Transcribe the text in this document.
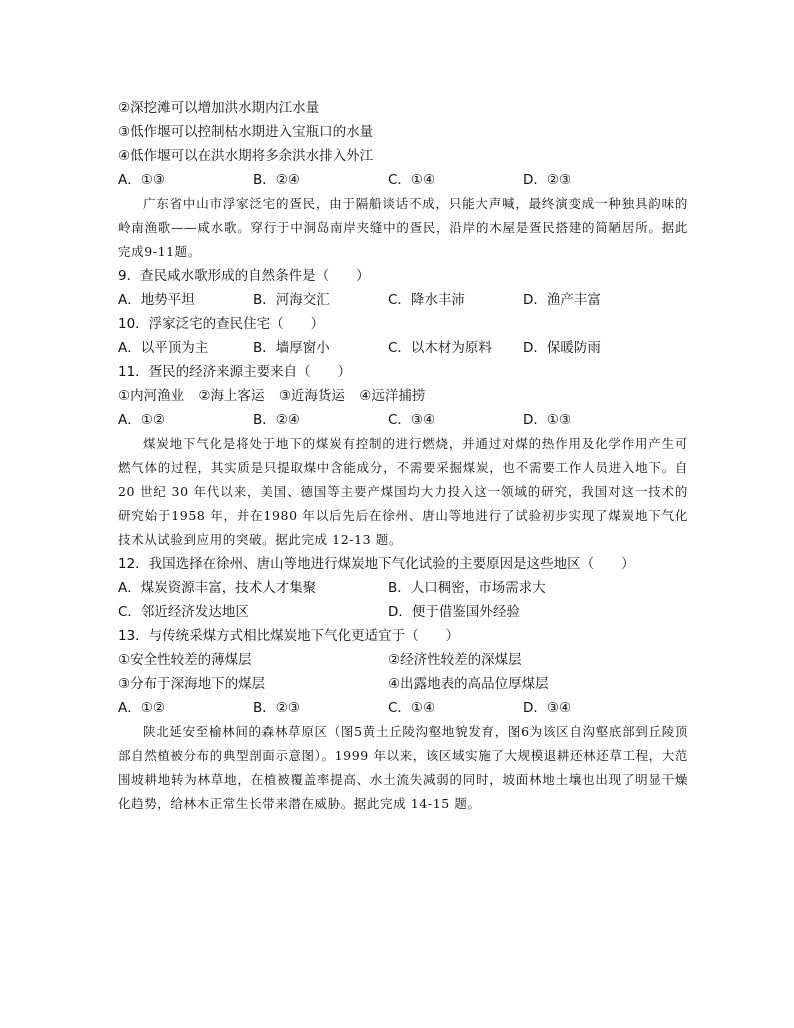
②深挖滩可以增加洪水期内江水量
③低作堰可以控制枯水期进入宝瓶口的水量
④低作堰可以在洪水期将多余洪水排入外江
A．①③	B．②④	C．①④	D．②③

广东省中山市浮家泛宅的疍民，由于隔船谈话不成，只能大声喊，最终演变成一种独具韵味的岭南渔歌——咸水歌。穿行于中洞岛南岸夹缝中的疍民，沿岸的木屋是疍民搭建的简陋居所。据此完成9-11题。

9．查民咸水歌形成的自然条件是（　　）
A．地势平坦	B．河海交汇	C．降水丰沛	D．渔产丰富
10．浮家泛宅的查民住宅（　　）
A．以平顶为主	B．墙厚窗小	C．以木材为原料	D．保暖防雨
11．疍民的经济来源主要来自（　　）
①内河渔业 ②海上客运 ③近海货运 ④远洋捕捞
A．①②	B．②④	C．③④	D．①③

煤炭地下气化是将处于地下的煤炭有控制的进行燃烧，并通过对煤的热作用及化学作用产生可燃气体的过程，其实质是只提取煤中含能成分，不需要采掘煤炭，也不需要工作人员进入地下。自 20 世纪 30 年代以来，美国、德国等主要产煤国均大力投入这一领域的研究，我国对这一技术的研究始于1958 年，并在1980 年以后先后在徐州、唐山等地进行了试验初步实现了煤炭地下气化技术从试验到应用的突破。据此完成 12-13 题。

12．我国选择在徐州、唐山等地进行煤炭地下气化试验的主要原因是这些地区（　　）
A．煤炭资源丰富，技术人才集聚	B．人口稠密，市场需求大
C．邻近经济发达地区	D．便于借鉴国外经验
13．与传统采煤方式相比煤炭地下气化更适宜于（　　）
①安全性较差的薄煤层	②经济性较差的深煤层
③分布于深海地下的煤层	④出露地表的高品位厚煤层
A．①②	B．②③	C．①④	D．③④

陕北延安至榆林间的森林草原区（图5黄土丘陵沟壑地貌发育，图6为该区自沟壑底部到丘陵顶部自然植被分布的典型剖面示意图）。1999 年以来，该区域实施了大规模退耕还林还草工程，大范围坡耕地转为林草地，在植被覆盖率提高、水土流失减弱的同时，坡面林地土壤也出现了明显干燥化趋势，给林木正常生长带来潜在威胁。据此完成 14-15 题。
